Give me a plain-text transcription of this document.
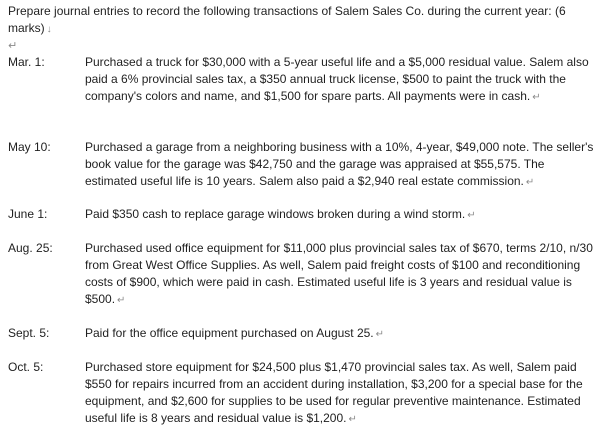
Prepare journal entries to record the following transactions of Salem Sales Co. during the current year: (6 marks) ↓
↵
Mar. 1:	Purchased a truck for $30,000 with a 5-year useful life and a $5,000 residual value. Salem also paid a 6% provincial sales tax, a $350 annual truck license, $500 to paint the truck with the company's colors and name, and $1,500 for spare parts. All payments were in cash. ↵
May 10:	Purchased a garage from a neighboring business with a 10%, 4-year, $49,000 note. The seller's book value for the garage was $42,750 and the garage was appraised at $55,575. The estimated useful life is 10 years. Salem also paid a $2,940 real estate commission. ↵
June 1:	Paid $350 cash to replace garage windows broken during a wind storm. ↵
Aug. 25:	Purchased used office equipment for $11,000 plus provincial sales tax of $670, terms 2/10, n/30 from Great West Office Supplies. As well, Salem paid freight costs of $100 and reconditioning costs of $900, which were paid in cash. Estimated useful life is 3 years and residual value is $500. ↵
Sept. 5:	Paid for the office equipment purchased on August 25. ↵
Oct. 5:	Purchased store equipment for $24,500 plus $1,470 provincial sales tax. As well, Salem paid $550 for repairs incurred from an accident during installation, $3,200 for a special base for the equipment, and $2,600 for supplies to be used for regular preventive maintenance. Estimated useful life is 8 years and residual value is $1,200. ↵
